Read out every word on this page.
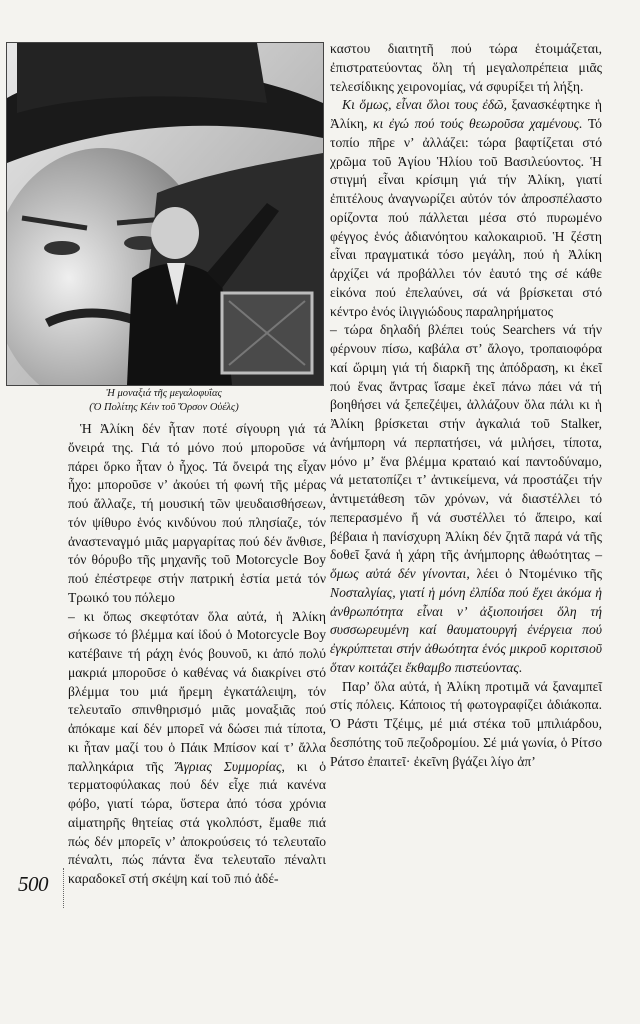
Ἡ μοναξιά τῆς μεγαλοφυΐας
(Ὁ Πολίτης Κέιν τοῦ Ὄρσον Οὐέλς)

Ἡ Ἀλίκη δέν ἦταν ποτέ σίγουρη γιά τά ὄνειρά της. Γιά τό μόνο πού μποροῦσε νά πάρει ὅρκο ἦταν ὁ ἦχος. Τά ὄνειρά της εἶχαν ἦχο: μποροῦσε ν’ ἀκούει τή φωνή τῆς μέρας πού ἄλλαζε, τή μουσική τῶν ψευδαισθήσεων, τόν ψίθυρο ἑνός κινδύνου πού πλησίαζε, τόν ἀναστεναγμό μιᾶς μαργαρίτας πού δέν ἄνθισε, τόν θόρυβο τῆς μηχανῆς τοῦ Motorcycle Boy πού ἐπέστρεφε στήν πατρική ἑστία μετά τόν Τρωικό του πόλεμο

– κι ὅπως σκεφτόταν ὅλα αὐτά, ἡ Ἀλίκη σήκωσε τό βλέμμα καί ἰδού ὁ Motorcycle Boy κατέβαινε τή ράχη ἑνός βουνοῦ, κι ἀπό πολύ μακριά μποροῦσε ὁ καθένας νά διακρίνει στό βλέμμα του μιά ἤρεμη ἐγκατάλειψη, τόν τελευταῖο σπινθηρισμό μιᾶς μοναξιᾶς πού ἀπόκαμε καί δέν μπορεῖ νά δώσει πιά τίποτα, κι ἦταν μαζί του ὁ Πάικ Μπίσον καί τ’ ἄλλα παλληκάρια τῆς Ἄγριας Συμμορίας, κι ὁ τερματοφύλακας πού δέν εἶχε πιά κανένα φόβο, γιατί τώρα, ὕστερα ἀπό τόσα χρόνια αἱματηρῆς θητείας στά γκολπόστ, ἔμαθε πιά πώς δέν μπορεῖς ν’ ἀποκρούσεις τό τελευταῖο πέναλτι, πώς πάντα ἕνα τελευταῖο πέναλτι καραδοκεῖ στή σκέψη καί τοῦ πιό ἀδέ-

καστου διαιτητῆ πού τώρα ἑτοιμάζεται, ἐπιστρατεύοντας ὅλη τή μεγαλοπρέπεια μιᾶς τελεσίδικης χειρονομίας, νά σφυρίξει τή λήξη.

Κι ὅμως, εἶναι ὅλοι τους ἐδῶ, ξανασκέφτηκε ἡ Ἀλίκη, κι ἐγώ πού τούς θεωροῦσα χαμένους. Τό τοπίο πῆρε ν’ ἀλλάζει: τώρα βαφτίζεται στό χρῶμα τοῦ Ἁγίου Ἡλίου τοῦ Βασιλεύοντος. Ἡ στιγμή εἶναι κρίσιμη γιά τήν Ἀλίκη, γιατί ἐπιτέλους ἀναγνωρίζει αὐτόν τόν ἀπροσπέλαστο ορίζοντα πού πάλλεται μέσα στό πυρωμένο φέγγος ἑνός ἀδιανόητου καλοκαιριοῦ. Ἡ ζέστη εἶναι πραγματικά τόσο μεγάλη, πού ἡ Ἀλίκη ἀρχίζει νά προβάλλει τόν ἑαυτό της σέ κάθε εἰκόνα πού ἐπελαύνει, σά νά βρίσκεται στό κέντρο ἑνός ἰλιγγιώδους παραληρήματος

– τώρα δηλαδή βλέπει τούς Searchers νά τήν φέρνουν πίσω, καβάλα στ’ ἄλογο, τροπαιοφόρα καί ὥριμη γιά τή διαρκῆ της ἀπόδραση, κι ἐκεῖ πού ἕνας ἄντρας ἴσαμε ἐκεῖ πάνω πάει νά τή βοηθήσει νά ξεπεζέψει, ἀλλάζουν ὅλα πάλι κι ἡ Ἀλίκη βρίσκεται στήν ἀγκαλιά τοῦ Stalker, ἀνήμπορη νά περπατήσει, νά μιλήσει, τίποτα, μόνο μ’ ἕνα βλέμμα κραταιό καί παντοδύναμο, νά μετατοπίζει τ’ ἀντικείμενα, νά προστάζει τήν ἀντιμετάθεση τῶν χρόνων, νά διαστέλλει τό πεπερασμένο ἤ νά συστέλλει τό ἄπειρο, καί βέβαια ἡ πανίσχυρη Ἀλίκη δέν ζητᾶ παρά νά τῆς δοθεῖ ξανά ἡ χάρη τῆς ἀνήμπορης ἀθωότητας – ὅμως αὐτά δέν γίνονται, λέει ὁ Ντομένικο τῆς Νοσταλγίας, γιατί ἡ μόνη ἐλπίδα πού ἔχει ἀκόμα ἡ ἀνθρωπότητα εἶναι ν’ ἀξιοποιήσει ὅλη τή συσσωρευμένη καί θαυματουργή ἐνέργεια πού ἐγκρύπτεται στήν ἀθωότητα ἑνός μικροῦ κοριτσιοῦ ὅταν κοιτάζει ἔκθαμβο πιστεύοντας.

Παρ’ ὅλα αὐτά, ἡ Ἀλίκη προτιμᾶ νά ξαναμπεῖ στίς πόλεις. Κάποιος τή φωτογραφίζει ἀδιάκοπα. Ὁ Ράστι Τζέιμς, μέ μιά στέκα τοῦ μπιλιάρδου, δεσπότης τοῦ πεζοδρομίου. Σέ μιά γωνία, ὁ Ρίτσο Ράτσο ἐπαιτεῖ· ἐκεῖνη βγάζει λίγο ἀπ’

500
